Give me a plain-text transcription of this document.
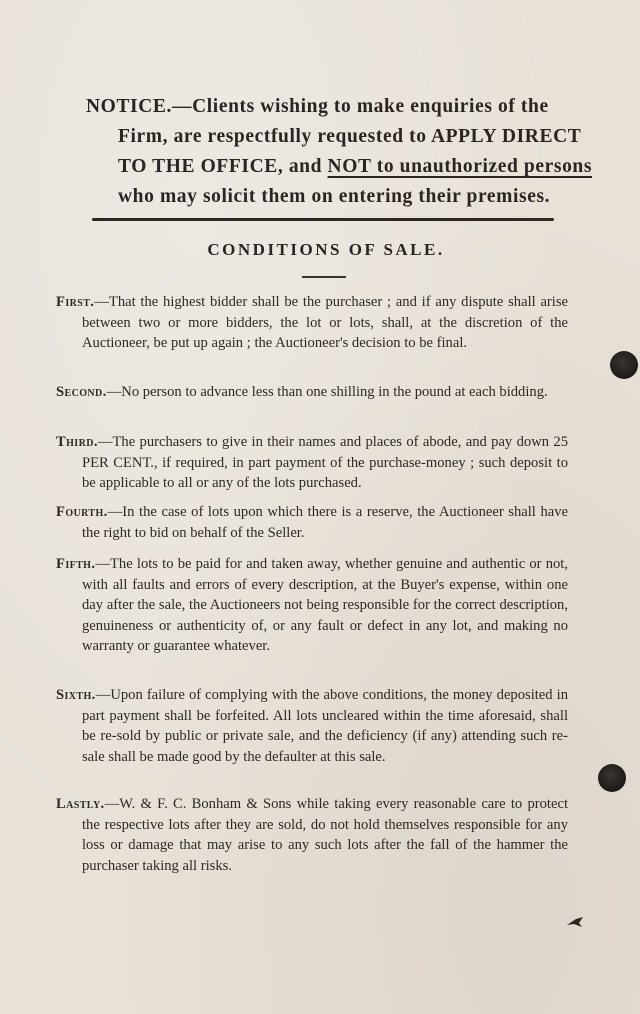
NOTICE.—Clients wishing to make enquiries of the
Firm, are respectfully requested to APPLY DIRECT
TO THE OFFICE, and NOT to unauthorized persons
who may solicit them on entering their premises.
CONDITIONS OF SALE.

First.—That the highest bidder shall be the purchaser ; and if any dispute shall arise between two or more bidders, the lot or lots, shall, at the discretion of the Auctioneer, be put up again ; the Auctioneer's decision to be final.

Second.—No person to advance less than one shilling in the pound at each bidding.

Third.—The purchasers to give in their names and places of abode, and pay down 25 PER CENT., if required, in part payment of the purchase-money ; such deposit to be applicable to all or any of the lots purchased.

Fourth.—In the case of lots upon which there is a reserve, the Auctioneer shall have the right to bid on behalf of the Seller.

Fifth.—The lots to be paid for and taken away, whether genuine and authentic or not, with all faults and errors of every description, at the Buyer's expense, within one day after the sale, the Auctioneers not being responsible for the correct description, genuineness or authenticity of, or any fault or defect in any lot, and making no warranty or guarantee whatever.

Sixth.—Upon failure of complying with the above conditions, the money deposited in part payment shall be forfeited. All lots uncleared within the time aforesaid, shall be re-sold by public or private sale, and the deficiency (if any) attending such re-sale shall be made good by the defaulter at this sale.

Lastly.—W. & F. C. Bonham & Sons while taking every reasonable care to protect the respective lots after they are sold, do not hold themselves responsible for any loss or damage that may arise to any such lots after the fall of the hammer the purchaser taking all risks.
